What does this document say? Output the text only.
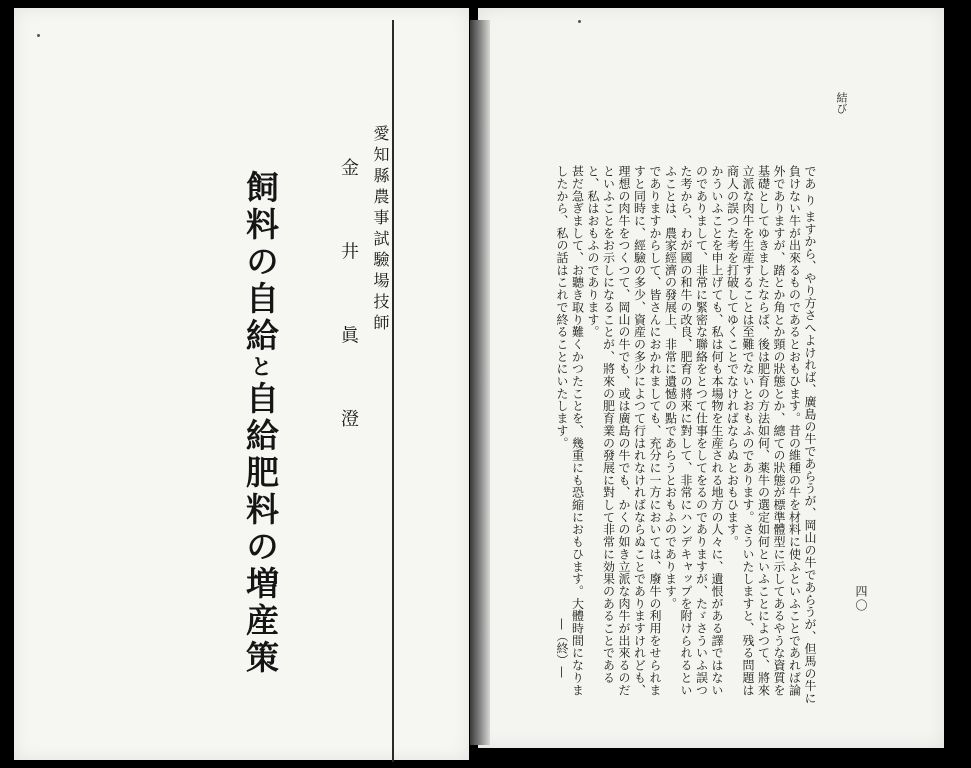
飼料の自給と自給肥料の増産策
愛知縣農事試驗場技師
金 井 眞 澄
結び
四〇

であ り ますから、やり方さへよければ、廣島の牛であらうが、岡山の牛であらうが、但馬の牛に負けない牛が出來るものであるとおもひます。昔の維種の牛を材料に使ふといふことであれば論外でありますが、踏とか角とか頸の狀態とか、總ての狀態が標準體型に示してあるやうな資質を基礎としてゆきましたならば、後は肥育の方法如何、薬牛の選定如何といふことによつて、將來立派な肉牛を生産することは至難でないとおもふのであります。さういたしますと、残る問題は商人の誤つた考を打破してゆくことでなければならぬとおもひます。

かういふことを申上げても、私は何も本場物を生産される地方の人々に、遺恨がある譯ではないのでありまして、非常に緊密な聯絡をとつて仕事をしてをるのでありますが、たゞさういふ誤つた考から、わが國の和牛の改良、肥育の將來に對して、非常にハンデキャップを附けられるといふことは、農家經濟の發展上、非常に遺憾の點であらうとおもふのであります。

でありますからして、皆さんにおかれましても、充分に一方においては、廢牛の利用をせられますと同時に、經驗の多少、資産の多少によつて行はれなければならぬことでありますけれども、理想の肉牛をつくつて、岡山の牛でも、或は廣島の牛でも、かくの如き立派な肉牛が出來るのだといふことをお示しになることが、將來の肥育業の發展に對して非常に効果のあることであると、私はおもふのであります。

甚だ急ぎまして、お聽き取り難くかつたことを、幾重にも恐縮におもひます。大體時間になりましたから、私の話はこれで終ることにいたします。

—（終）—
